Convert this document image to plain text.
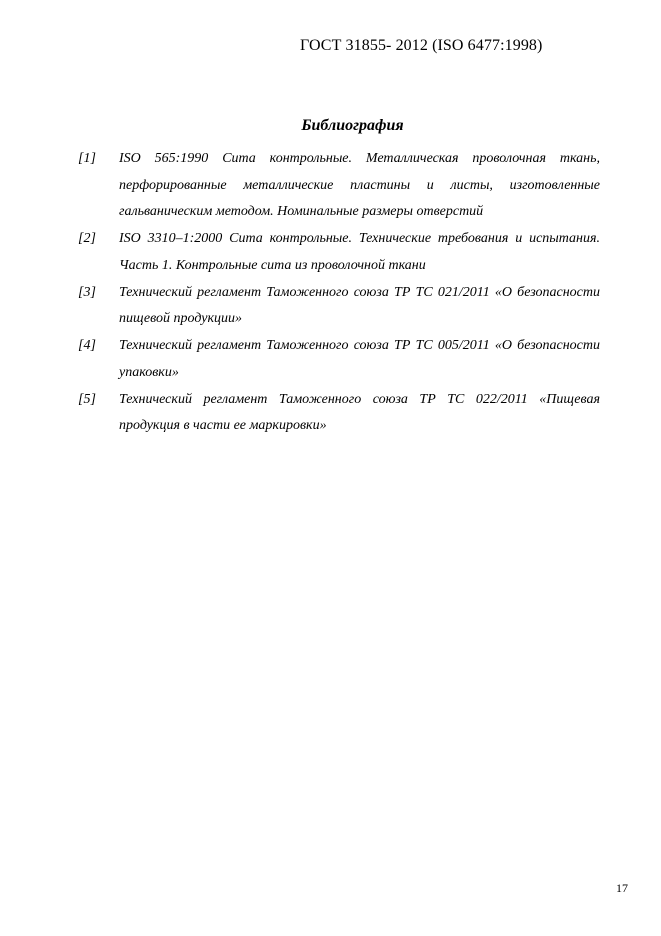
ГОСТ 31855- 2012 (ISO 6477:1998)
Библиография
[1]	ISO 565:1990 Сита контрольные. Металлическая проволочная ткань, перфорированные металлические пластины и листы, изготовленные гальваническим методом. Номинальные размеры отверстий
[2]	ISO 3310–1:2000 Сита контрольные. Технические требования и испытания. Часть 1. Контрольные сита из проволочной ткани
[3]	Технический регламент Таможенного союза ТР ТС 021/2011 «О безопасности пищевой продукции»
[4]	Технический регламент Таможенного союза ТР ТС 005/2011 «О безопасности упаковки»
[5]	Технический регламент Таможенного союза ТР ТС 022/2011 «Пищевая продукция в части ее маркировки»
17
